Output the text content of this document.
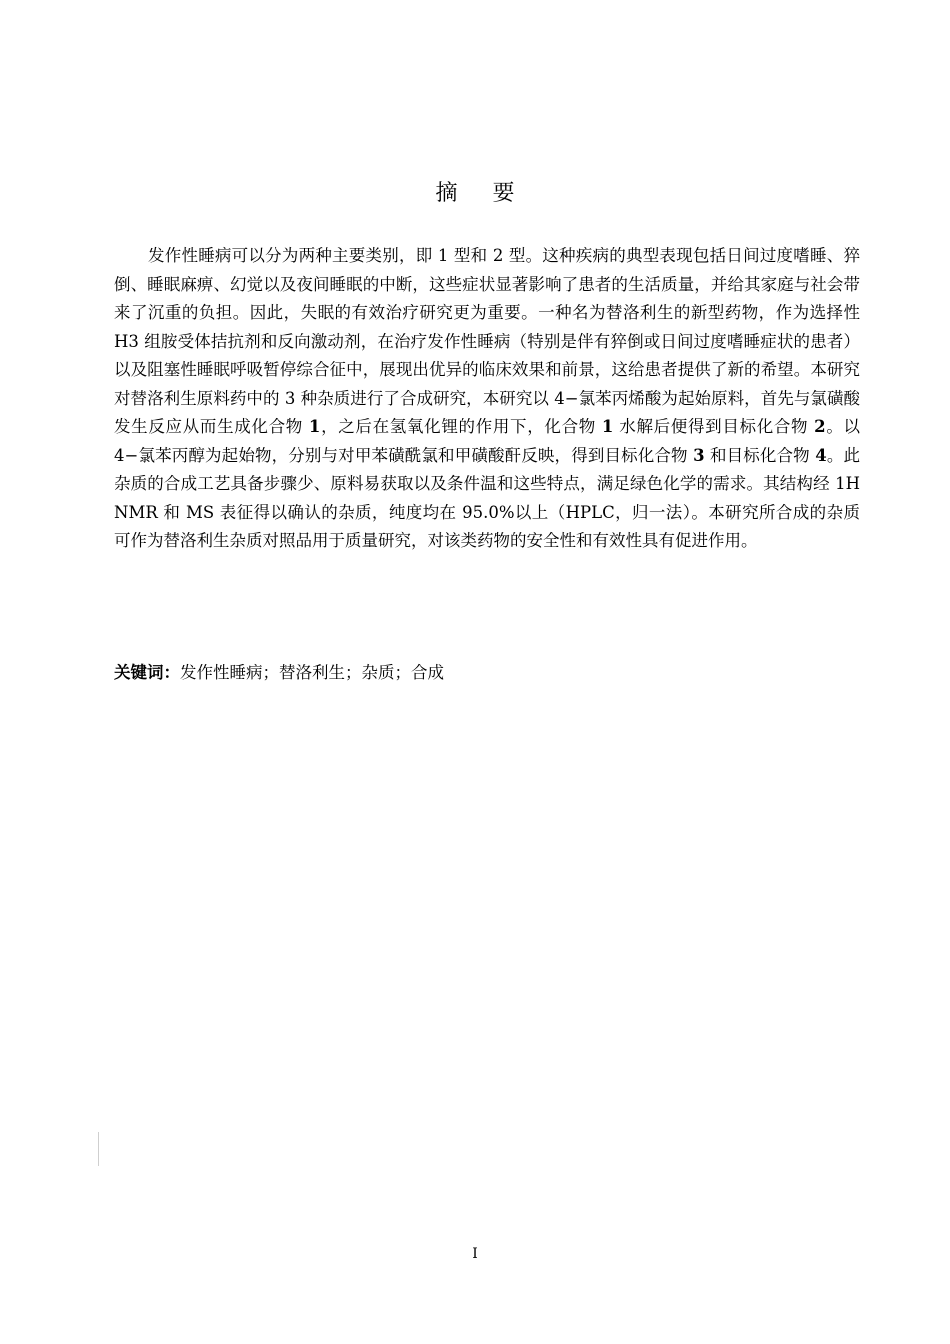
摘 要

发作性睡病可以分为两种主要类别，即 1 型和 2 型。这种疾病的典型表现包括日间过度嗜睡、猝倒、睡眠麻痹、幻觉以及夜间睡眠的中断，这些症状显著影响了患者的生活质量，并给其家庭与社会带来了沉重的负担。因此，失眠的有效治疗研究更为重要。一种名为替洛利生的新型药物，作为选择性 H3 组胺受体拮抗剂和反向激动剂，在治疗发作性睡病（特别是伴有猝倒或日间过度嗜睡症状的患者）以及阻塞性睡眠呼吸暂停综合征中，展现出优异的临床效果和前景，这给患者提供了新的希望。本研究对替洛利生原料药中的 3 种杂质进行了合成研究，本研究以 4−氯苯丙烯酸为起始原料，首先与氯磺酸发生反应从而生成化合物 1，之后在氢氧化锂的作用下，化合物 1 水解后便得到目标化合物 2。以 4−氯苯丙醇为起始物，分别与对甲苯磺酰氯和甲磺酸酐反映，得到目标化合物 3 和目标化合物 4。此杂质的合成工艺具备步骤少、原料易获取以及条件温和这些特点，满足绿色化学的需求。其结构经 1H NMR 和 MS 表征得以确认的杂质，纯度均在 95.0%以上（HPLC，归一法）。本研究所合成的杂质可作为替洛利生杂质对照品用于质量研究，对该类药物的安全性和有效性具有促进作用。

关键词：发作性睡病；替洛利生；杂质；合成

I
